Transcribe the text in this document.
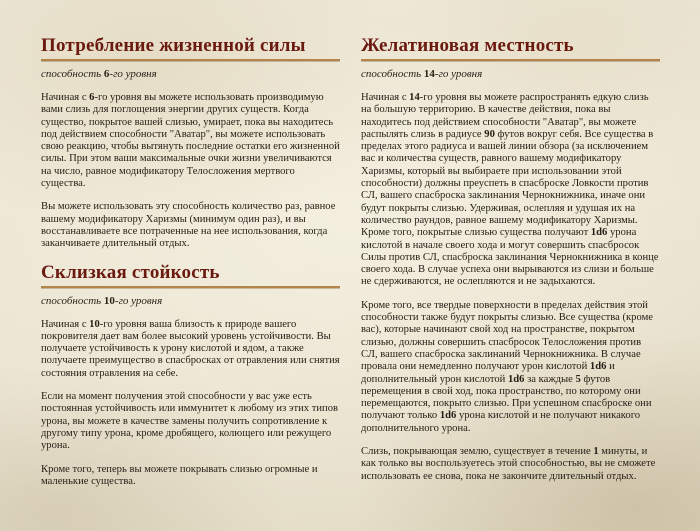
Потребление жизненной силы
способность 6-го уровня

Начиная с 6-го уровня вы можете использовать производимую вами слизь для поглощения энергии других существ. Когда существо, покрытое вашей слизью, умирает, пока вы находитесь под действием способности "Аватар", вы можете использовать свою реакцию, чтобы вытянуть последние остатки его жизненной силы. При этом ваши максимальные очки жизни увеличиваются на число, равное модификатору Телосложения мертвого существа.

Вы можете использовать эту способность количество раз, равное вашему модификатору Харизмы (минимум один раз), и вы восстанавливаете все потраченные на нее использования, когда заканчиваете длительный отдых.

Склизкая стойкость
способность 10-го уровня

Начиная с 10-го уровня ваша близость к природе вашего покровителя дает вам более высокий уровень устойчивости. Вы получаете устойчивость к урону кислотой и ядом, а также получаете преимущество в спасбросках от отравления или снятия состояния отравления на себе.

Если на момент получения этой способности у вас уже есть постоянная устойчивость или иммунитет к любому из этих типов урона, вы можете в качестве замены получить сопротивление к другому типу урона, кроме дробящего, колющего или режущего урона.

Кроме того, теперь вы можете покрывать слизью огромные и маленькие существа.

Желатиновая местность
способность 14-го уровня

Начиная с 14-го уровня вы можете распространять едкую слизь на большую территорию. В качестве действия, пока вы находитесь под действием способности "Аватар", вы можете распылять слизь в радиусе 90 футов вокруг себя. Все существа в пределах этого радиуса и вашей линии обзора (за исключением вас и количества существ, равного вашему модификатору Харизмы, который вы выбираете при использовании этой способности) должны преуспеть в спасброске Ловкости против СЛ, вашего спасброска заклинания Чернокнижника, иначе они будут покрыты слизью. Удерживая, ослепляя и удушая их на количество раундов, равное вашему модификатору Харизмы. Кроме того, покрытые слизью существа получают 1d6 урона кислотой в начале своего хода и могут совершить спасбросок Силы против СЛ, спасброска заклинания Чернокнижника в конце своего хода. В случае успеха они вырываются из слизи и больше не сдерживаются, не ослепляются и не задыхаются.

Кроме того, все твердые поверхности в пределах действия этой способности также будут покрыты слизью. Все существа (кроме вас), которые начинают свой ход на пространстве, покрытом слизью, должны совершить спасбросок Телосложения против СЛ, вашего спасброска заклинаний Чернокнижника. В случае провала они немедленно получают урон кислотой 1d6 и дополнительный урон кислотой 1d6 за каждые 5 футов перемещения в свой ход, пока пространство, по которому они перемещаются, покрыто слизью. При успешном спасброске они получают только 1d6 урона кислотой и не получают никакого дополнительного урона.

Слизь, покрывающая землю, существует в течение 1 минуты, и как только вы воспользуетесь этой способностью, вы не сможете использовать ее снова, пока не закончите длительный отдых.
